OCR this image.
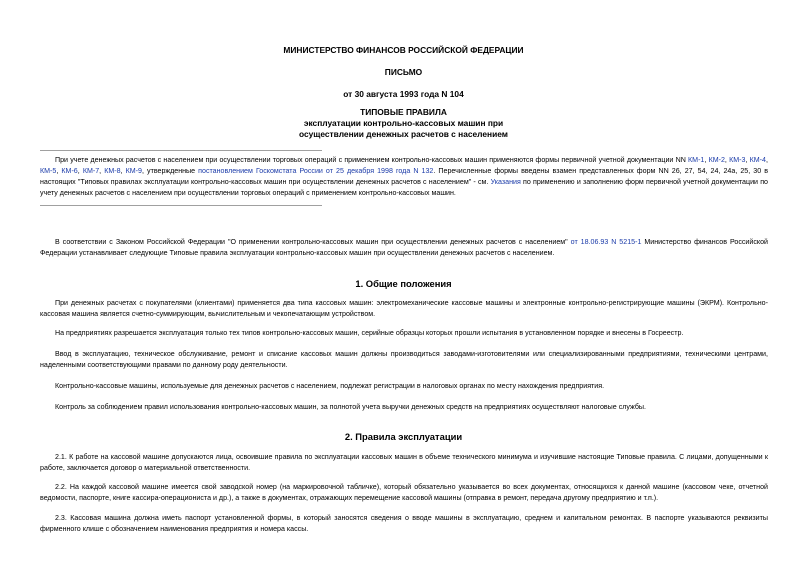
МИНИСТЕРСТВО ФИНАНСОВ РОССИЙСКОЙ ФЕДЕРАЦИИ
ПИСЬМО
от 30 августа 1993 года N 104
ТИПОВЫЕ ПРАВИЛА
эксплуатации контрольно-кассовых машин при
осуществлении денежных расчетов с населением
При учете денежных расчетов с населением при осуществлении торговых операций с применением контрольно-кассовых машин применяются формы первичной учетной документации NN КМ-1, КМ-2, КМ-3, КМ-4, КМ-5, КМ-6, КМ-7, КМ-8, КМ-9, утвержденные постановлением Госкомстата России от 25 декабря 1998 года N 132. Перечисленные формы введены взамен представленных форм NN 26, 27, 54, 24, 24а, 25, 30 в настоящих "Типовых правилах эксплуатации контрольно-кассовых машин при осуществлении денежных расчетов с населением" - см. Указания по применению и заполнению форм первичной учетной документации по учету денежных расчетов с населением при осуществлении торговых операций с применением контрольно-кассовых машин.
В соответствии с Законом Российской Федерации "О применении контрольно-кассовых машин при осуществлении денежных расчетов с населением" от 18.06.93 N 5215-1 Министерство финансов Российской Федерации устанавливает следующие Типовые правила эксплуатации контрольно-кассовых машин при осуществлении денежных расчетов с населением.
1. Общие положения
При денежных расчетах с покупателями (клиентами) применяется два типа кассовых машин: электромеханические кассовые машины и электронные контрольно-регистрирующие машины (ЭКРМ). Контрольно-кассовая машина является счетно-суммирующим, вычислительным и чекопечатающим устройством.
На предприятиях разрешается эксплуатация только тех типов контрольно-кассовых машин, серийные образцы которых прошли испытания в установленном порядке и внесены в Госреестр.
Ввод в эксплуатацию, техническое обслуживание, ремонт и списание кассовых машин должны производиться заводами-изготовителями или специализированными предприятиями, техническими центрами, наделенными соответствующими правами по данному роду деятельности.
Контрольно-кассовые машины, используемые для денежных расчетов с населением, подлежат регистрации в налоговых органах по месту нахождения предприятия.
Контроль за соблюдением правил использования контрольно-кассовых машин, за полнотой учета выручки денежных средств на предприятиях осуществляют налоговые службы.
2. Правила эксплуатации
2.1. К работе на кассовой машине допускаются лица, освоившие правила по эксплуатации кассовых машин в объеме технического минимума и изучившие настоящие Типовые правила. С лицами, допущенными к работе, заключается договор о материальной ответственности.
2.2. На каждой кассовой машине имеется свой заводской номер (на маркировочной табличке), который обязательно указывается во всех документах, относящихся к данной машине (кассовом чеке, отчетной ведомости, паспорте, книге кассира-операциониста и др.), а также в документах, отражающих перемещение кассовой машины (отправка в ремонт, передача другому предприятию и т.п.).
2.3. Кассовая машина должна иметь паспорт установленной формы, в который заносятся сведения о вводе машины в эксплуатацию, среднем и капитальном ремонтах. В паспорте указываются реквизиты фирменного клише с обозначением наименования предприятия и номера кассы.
